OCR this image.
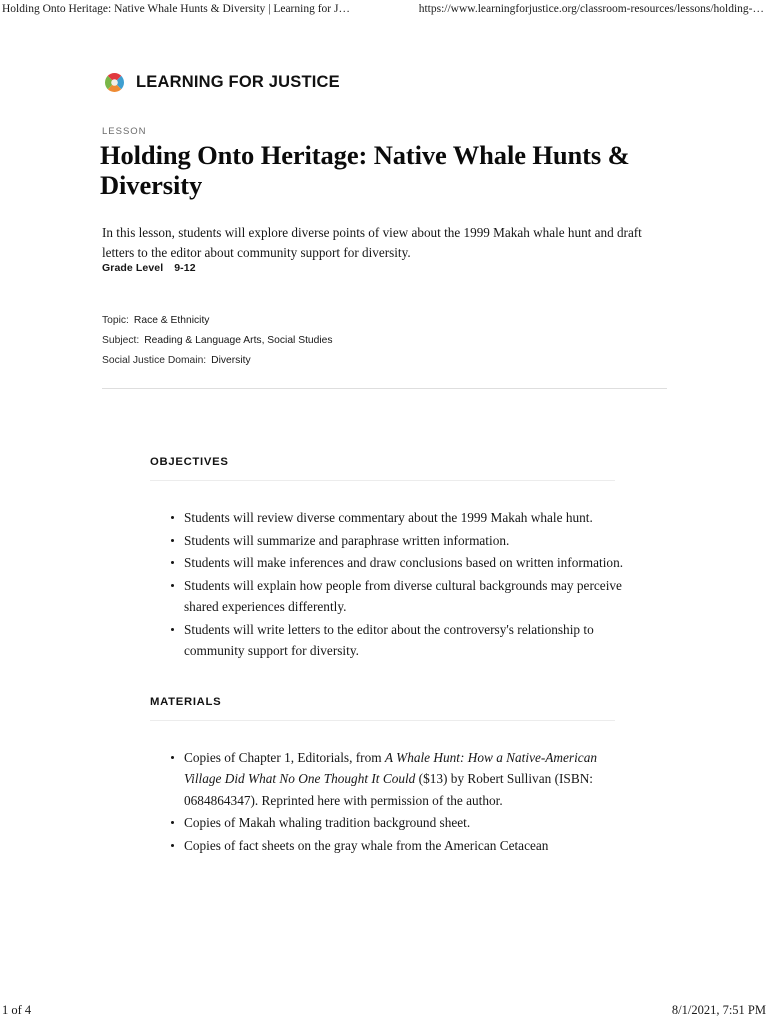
Holding Onto Heritage: Native Whale Hunts & Diversity | Learning for J…	https://www.learningforjustice.org/classroom-resources/lessons/holding-…
LEARNING FOR JUSTICE
LESSON
Holding Onto Heritage: Native Whale Hunts & Diversity

In this lesson, students will explore diverse points of view about the 1999 Makah whale hunt and draft letters to the editor about community support for diversity.

Grade Level 9-12
Topic: Race & Ethnicity
Subject: Reading & Language Arts, Social Studies
Social Justice Domain: Diversity
OBJECTIVES
Students will review diverse commentary about the 1999 Makah whale hunt.
Students will summarize and paraphrase written information.
Students will make inferences and draw conclusions based on written information.
Students will explain how people from diverse cultural backgrounds may perceive shared experiences differently.
Students will write letters to the editor about the controversy's relationship to community support for diversity.
MATERIALS
Copies of Chapter 1, Editorials, from A Whale Hunt: How a Native-American Village Did What No One Thought It Could ($13) by Robert Sullivan (ISBN: 0684864347). Reprinted here with permission of the author.
Copies of Makah whaling tradition background sheet.
Copies of fact sheets on the gray whale from the American Cetacean
1 of 4	8/1/2021, 7:51 PM
